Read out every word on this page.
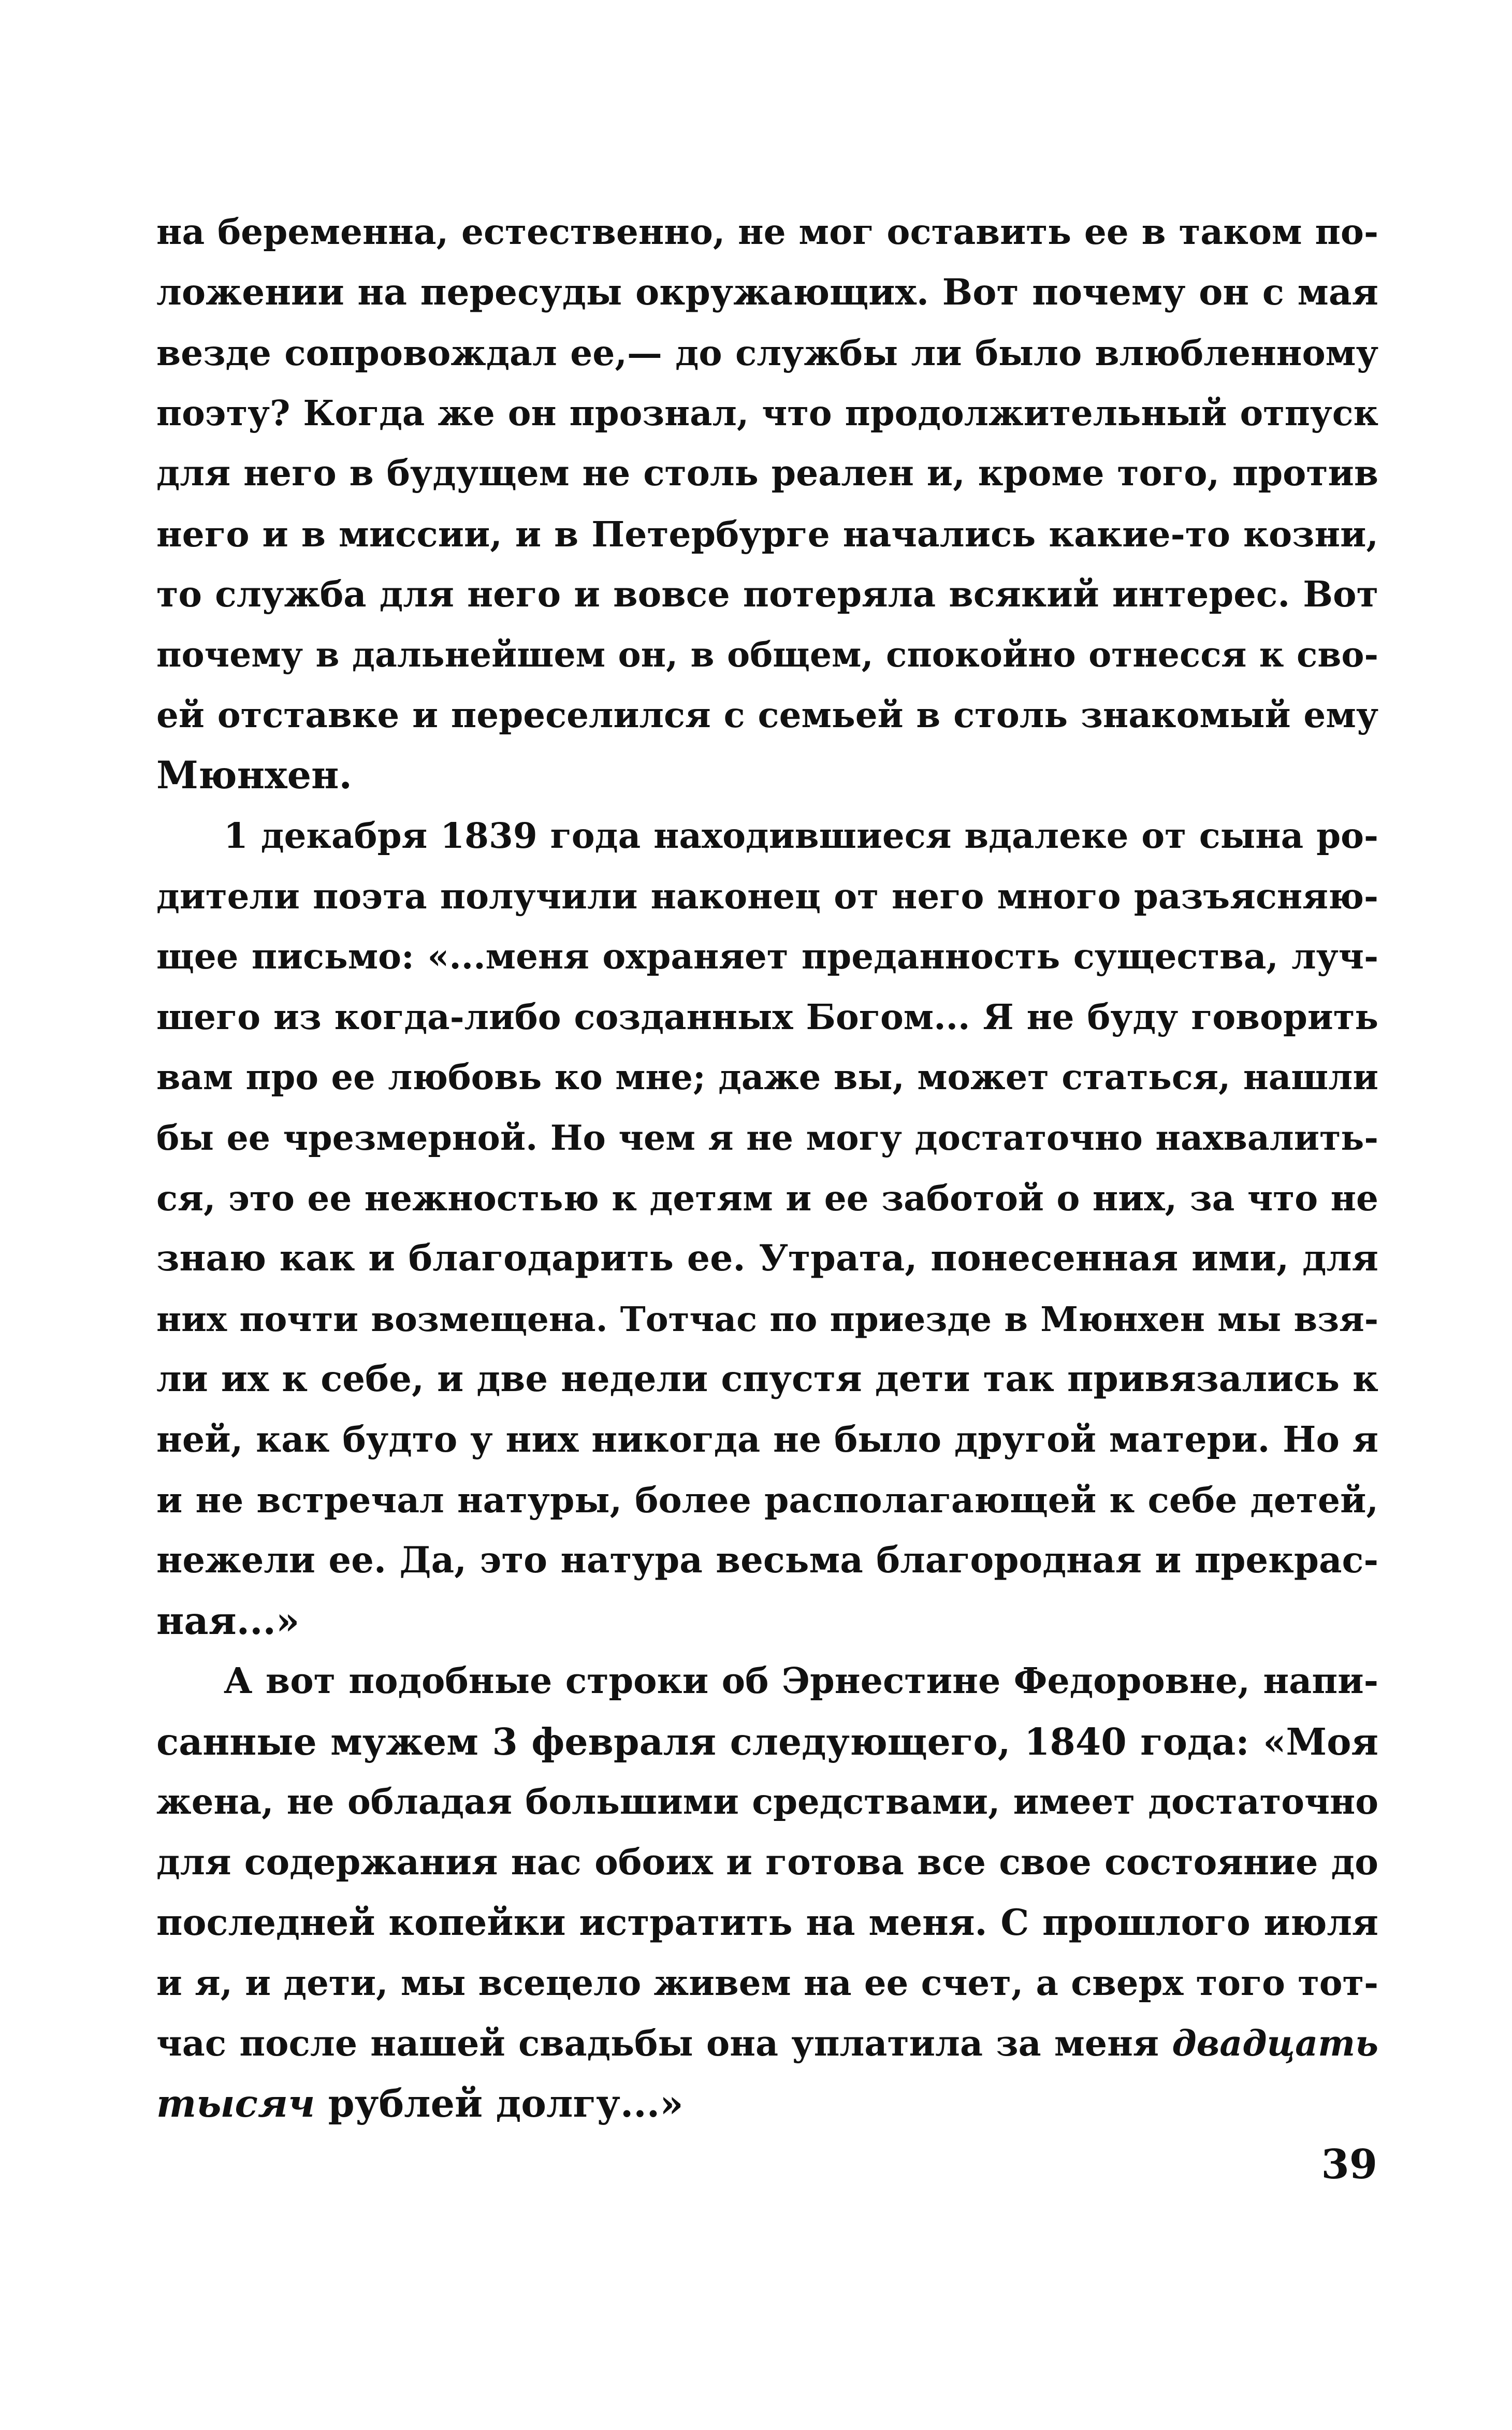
на беременна, естественно, не мог оставить ее в таком по-
ложении на пересуды окружающих. Вот почему он с мая
везде сопровождал ее,— до службы ли было влюбленному
поэту? Когда же он прознал, что продолжительный отпуск
для него в будущем не столь реален и, кроме того, против
него и в миссии, и в Петербурге начались какие-то козни,
то служба для него и вовсе потеряла всякий интерес. Вот
почему в дальнейшем он, в общем, спокойно отнесся к сво-
ей отставке и переселился с семьей в столь знакомый ему
Мюнхен.
1 декабря 1839 года находившиеся вдалеке от сына ро-
дители поэта получили наконец от него много разъясняю-
щее письмо: «...меня охраняет преданность существа, луч-
шего из когда-либо созданных Богом... Я не буду говорить
вам про ее любовь ко мне; даже вы, может статься, нашли
бы ее чрезмерной. Но чем я не могу достаточно нахвалить-
ся, это ее нежностью к детям и ее заботой о них, за что не
знаю как и благодарить ее. Утрата, понесенная ими, для
них почти возмещена. Тотчас по приезде в Мюнхен мы взя-
ли их к себе, и две недели спустя дети так привязались к
ней, как будто у них никогда не было другой матери. Но я
и не встречал натуры, более располагающей к себе детей,
нежели ее. Да, это натура весьма благородная и прекрас-
ная...»
А вот подобные строки об Эрнестине Федоровне, напи-
санные мужем 3 февраля следующего, 1840 года: «Моя
жена, не обладая большими средствами, имеет достаточно
для содержания нас обоих и готова все свое состояние до
последней копейки истратить на меня. С прошлого июля
и я, и дети, мы всецело живем на ее счет, а сверх того тот-
час после нашей свадьбы она уплатила за меня двадцать
тысяч рублей долгу...»
39
